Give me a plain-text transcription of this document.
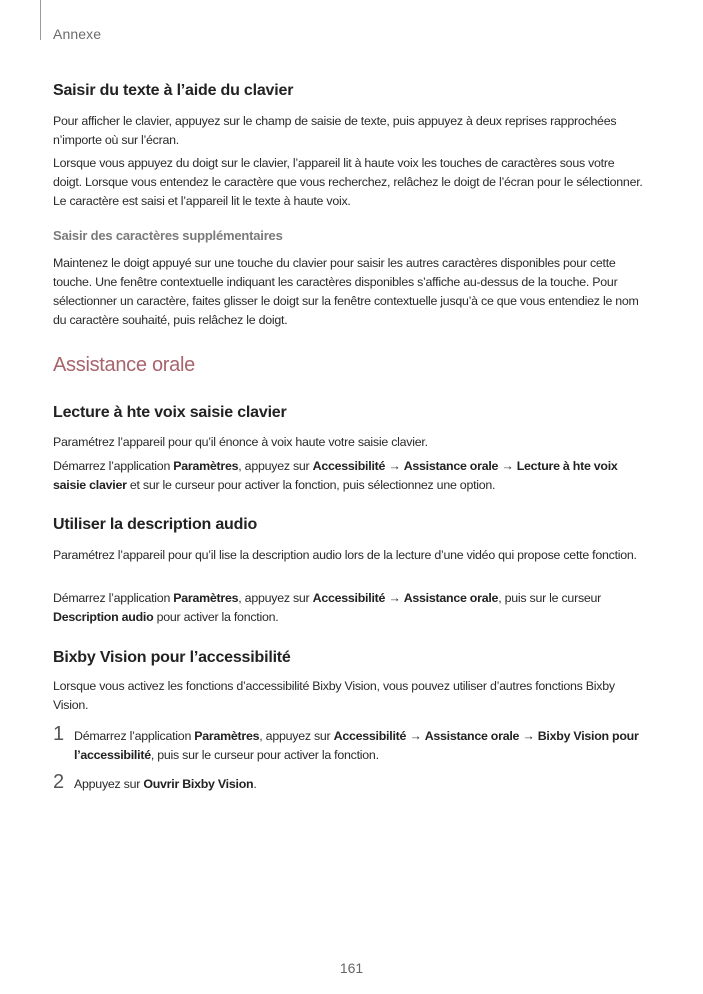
Annexe
Saisir du texte à l’aide du clavier

Pour afficher le clavier, appuyez sur le champ de saisie de texte, puis appuyez à deux reprises rapprochées n’importe où sur l’écran.

Lorsque vous appuyez du doigt sur le clavier, l’appareil lit à haute voix les touches de caractères sous votre doigt. Lorsque vous entendez le caractère que vous recherchez, relâchez le doigt de l’écran pour le sélectionner. Le caractère est saisi et l’appareil lit le texte à haute voix.

Saisir des caractères supplémentaires

Maintenez le doigt appuyé sur une touche du clavier pour saisir les autres caractères disponibles pour cette touche. Une fenêtre contextuelle indiquant les caractères disponibles s’affiche au-dessus de la touche. Pour sélectionner un caractère, faites glisser le doigt sur la fenêtre contextuelle jusqu’à ce que vous entendiez le nom du caractère souhaité, puis relâchez le doigt.

Assistance orale
Lecture à hte voix saisie clavier

Paramétrez l’appareil pour qu’il énonce à voix haute votre saisie clavier.

Démarrez l’application Paramètres, appuyez sur Accessibilité → Assistance orale → Lecture à hte voix saisie clavier et sur le curseur pour activer la fonction, puis sélectionnez une option.

Utiliser la description audio

Paramétrez l’appareil pour qu’il lise la description audio lors de la lecture d’une vidéo qui propose cette fonction.

Démarrez l’application Paramètres, appuyez sur Accessibilité → Assistance orale, puis sur le curseur Description audio pour activer la fonction.

Bixby Vision pour l’accessibilité

Lorsque vous activez les fonctions d’accessibilité Bixby Vision, vous pouvez utiliser d’autres fonctions Bixby Vision.

1 Démarrez l’application Paramètres, appuyez sur Accessibilité → Assistance orale → Bixby Vision pour l’accessibilité, puis sur le curseur pour activer la fonction.

2 Appuyez sur Ouvrir Bixby Vision.

161
